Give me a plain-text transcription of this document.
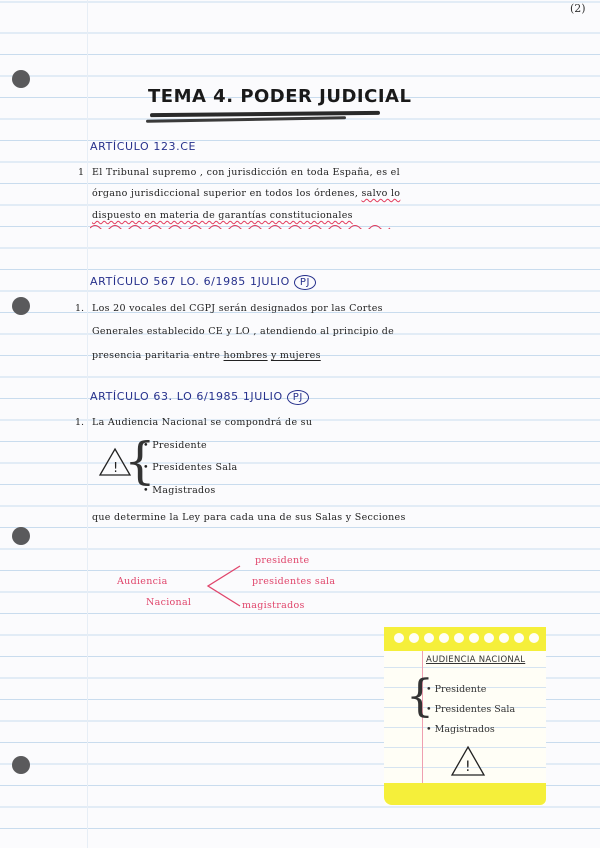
(2)
TEMA 4. PODER JUDICIAL
ARTÍCULO 123.CE
1 El Tribunal supremo , con jurisdicción en toda España, es el
órgano jurisdiccional superior en todos los órdenes, salvo lo
dispuesto en materia de garantías constitucionales
ARTÍCULO 567 LO. 6/1985 1JULIO PJ
1. Los 20 vocales del CGPJ serán designados por las Cortes
Generales establecido CE y LO , atendiendo al principio de
presencia paritaria entre hombres y mujeres
ARTÍCULO 63. LO 6/1985 1JULIO PJ
1. La Audiencia Nacional se compondrá de su
! {
• Presidente
• Presidentes Sala
• Magistrados
que determine la Ley para cada una de sus Salas y Secciones
Audiencia
Nacional
presidente
presidentes sala
magistrados
AUDIENCIA NACIONAL
{
• Presidente
• Presidentes Sala
• Magistrados
!
